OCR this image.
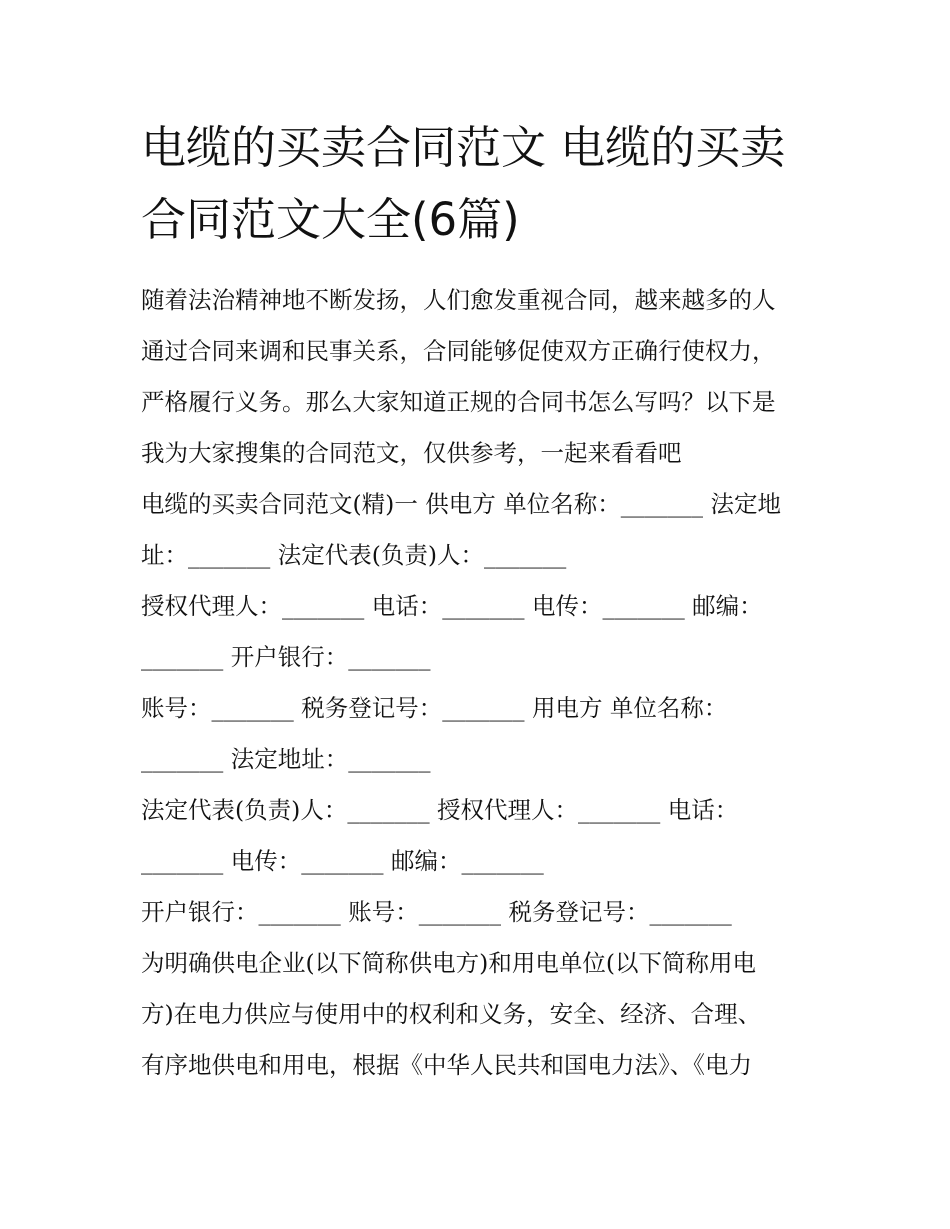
电缆的买卖合同范文 电缆的买卖合同范文大全(6篇)

随着法治精神地不断发扬，人们愈发重视合同，越来越多的人

通过合同来调和民事关系，合同能够促使双方正确行使权力，

严格履行义务。那么大家知道正规的合同书怎么写吗？以下是

我为大家搜集的合同范文，仅供参考，一起来看看吧

电缆的买卖合同范文(精)一 供电方 单位名称：_______ 法定地

址：_______ 法定代表(负责)人：_______

授权代理人：_______ 电话：_______ 电传：_______ 邮编：

_______ 开户银行：_______

账号：_______ 税务登记号：_______ 用电方 单位名称：

_______ 法定地址：_______

法定代表(负责)人：_______ 授权代理人：_______ 电话：

_______ 电传：_______ 邮编：_______

开户银行：_______ 账号：_______ 税务登记号：_______

为明确供电企业(以下简称供电方)和用电单位(以下简称用电

方)在电力供应与使用中的权利和义务，安全、经济、合理、

有序地供电和用电，根据《中华人民共和国电力法》、《电力
